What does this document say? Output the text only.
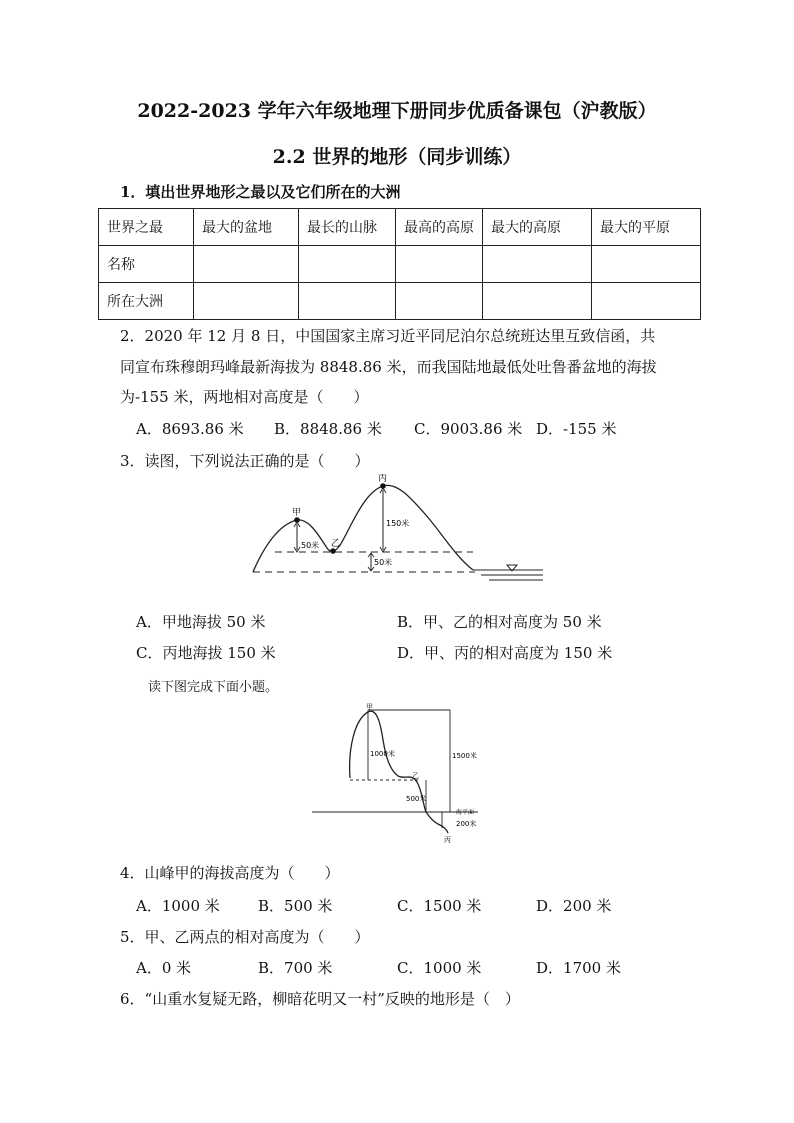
2022-2023 学年六年级地理下册同步优质备课包（沪教版）
2.2 世界的地形（同步训练）
1．填出世界地形之最以及它们所在的大洲
世界之最	最大的盆地	最长的山脉	最高的高原	最大的高原	最大的平原
名称					
所在大洲					
2．2020 年 12 月 8 日，中国国家主席习近平同尼泊尔总统班达里互致信函，共
同宣布珠穆朗玛峰最新海拔为 8848.86 米，而我国陆地最低处吐鲁番盆地的海拔
为-155 米，两地相对高度是（　　）
A．8693.86 米 B．8848.86 米 C．9003.86 米 D．-155 米
3．读图，下列说法正确的是（　　）
甲
乙
丙
50米
150米
50米
A．甲地海拔 50 米	B．甲、乙的相对高度为 50 米
C．丙地海拔 150 米	D．甲、丙的相对高度为 150 米
读下图完成下面小题。
甲
乙
丙
1000米	1500米
500米
200米
海平面
4．山峰甲的海拔高度为（　　）
A．1000 米	B．500 米	C．1500 米	D．200 米
5．甲、乙两点的相对高度为（　　）
A．0 米	B．700 米	C．1000 米	D．1700 米
6．“山重水复疑无路，柳暗花明又一村”反映的地形是（　）
